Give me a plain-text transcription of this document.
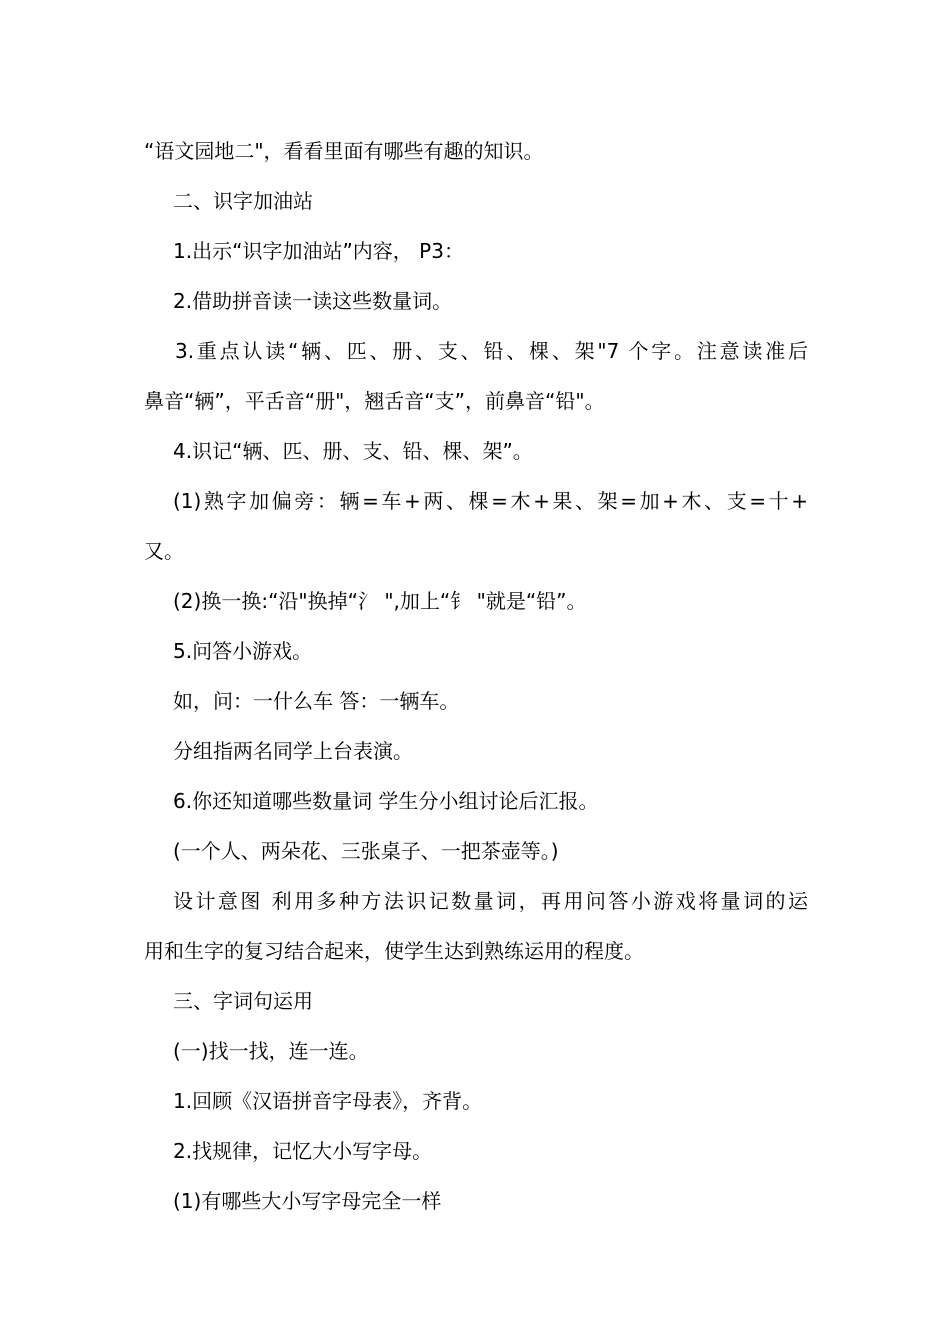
“语文园地二"，看看里面有哪些有趣的知识。
二、识字加油站
1.出示“识字加油站”内容， P3：
2.借助拼音读一读这些数量词。
3.重点认读“辆、匹、册、支、铅、棵、架"7 个字。注意读准后
鼻音“辆”，平舌音“册"，翘舌音“支”，前鼻音“铅"。
4.识记“辆、匹、册、支、铅、棵、架”。
(1)熟字加偏旁：辆=车+两、棵=木+果、架=加+木、支=十+
又。
(2)换一换:“沿"换掉“氵 ",加上“钅 "就是“铅”。
5.问答小游戏。
如，问：一什么车 答：一辆车。
分组指两名同学上台表演。
6.你还知道哪些数量词 学生分小组讨论后汇报。
(一个人、两朵花、三张桌子、一把茶壶等。)
设计意图 利用多种方法识记数量词，再用问答小游戏将量词的运
用和生字的复习结合起来，使学生达到熟练运用的程度。
三、字词句运用
(一)找一找，连一连。
1.回顾《汉语拼音字母表》，齐背。
2.找规律，记忆大小写字母。
(1)有哪些大小写字母完全一样
